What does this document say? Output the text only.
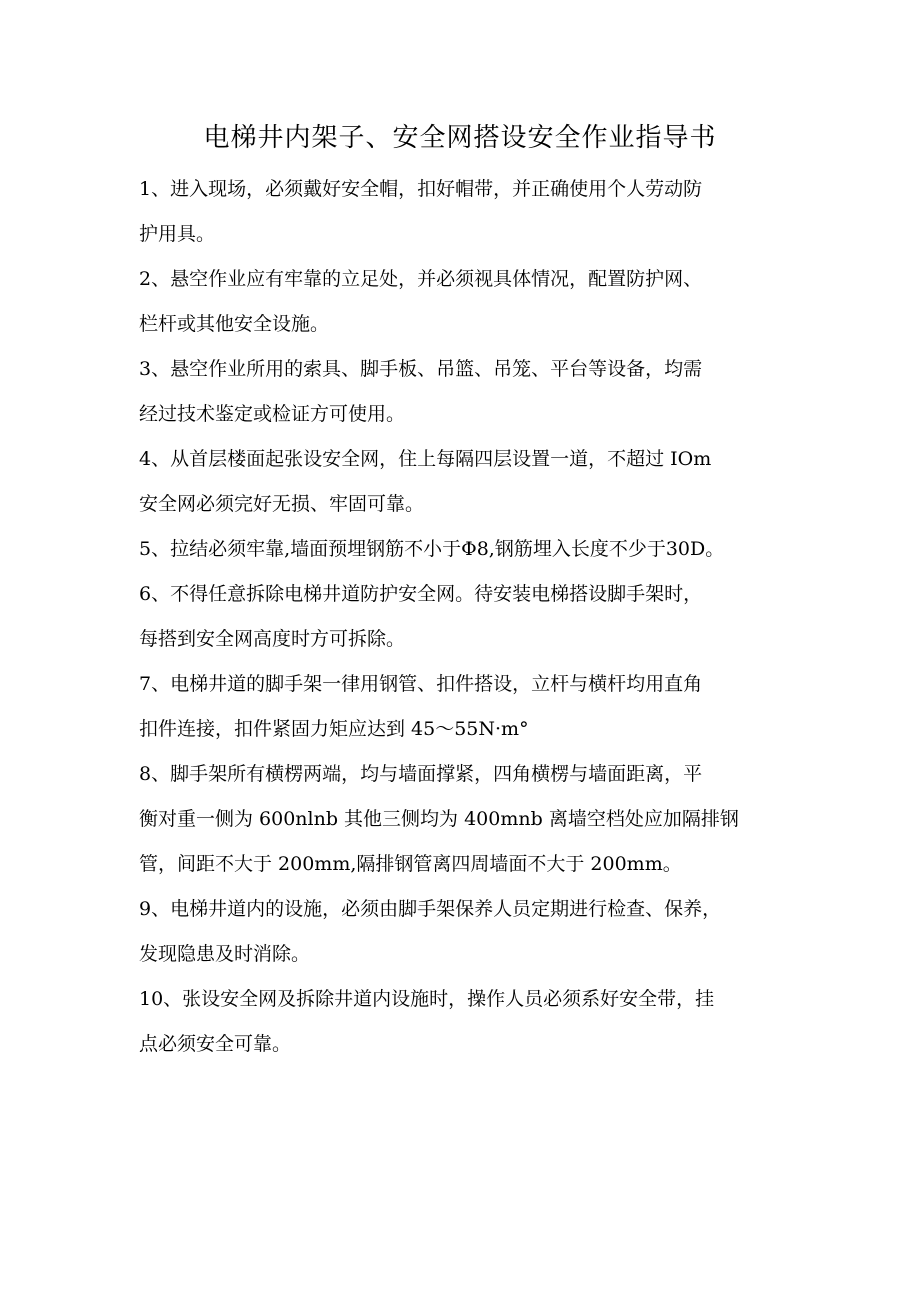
电梯井内架子、安全网搭设安全作业指导书

1、进入现场，必须戴好安全帽，扣好帽带，并正确使用个人劳动防
护用具。

2、悬空作业应有牢靠的立足处，并必须视具体情况，配置防护网、
栏杆或其他安全设施。

3、悬空作业所用的索具、脚手板、吊篮、吊笼、平台等设备，均需
经过技术鉴定或检证方可使用。

4、从首层楼面起张设安全网，住上每隔四层设置一道，不超过 IOm
安全网必须完好无损、牢固可靠。

5、拉结必须牢靠,墙面预埋钢筋不小于Φ8,钢筋埋入长度不少于30D。

6、不得任意拆除电梯井道防护安全网。待安装电梯搭设脚手架时，
每搭到安全网高度时方可拆除。

7、电梯井道的脚手架一律用钢管、扣件搭设，立杆与横杆均用直角
扣件连接，扣件紧固力矩应达到 45～55N·m°

8、脚手架所有横楞两端，均与墙面撑紧，四角横楞与墙面距离，平
衡对重一侧为 600nlnb 其他三侧均为 400mnb 离墙空档处应加隔排钢
管，间距不大于 200mm,隔排钢管离四周墙面不大于 200mm。

9、电梯井道内的设施，必须由脚手架保养人员定期进行检查、保养，
发现隐患及时消除。

10、张设安全网及拆除井道内设施时，操作人员必须系好安全带，挂
点必须安全可靠。
